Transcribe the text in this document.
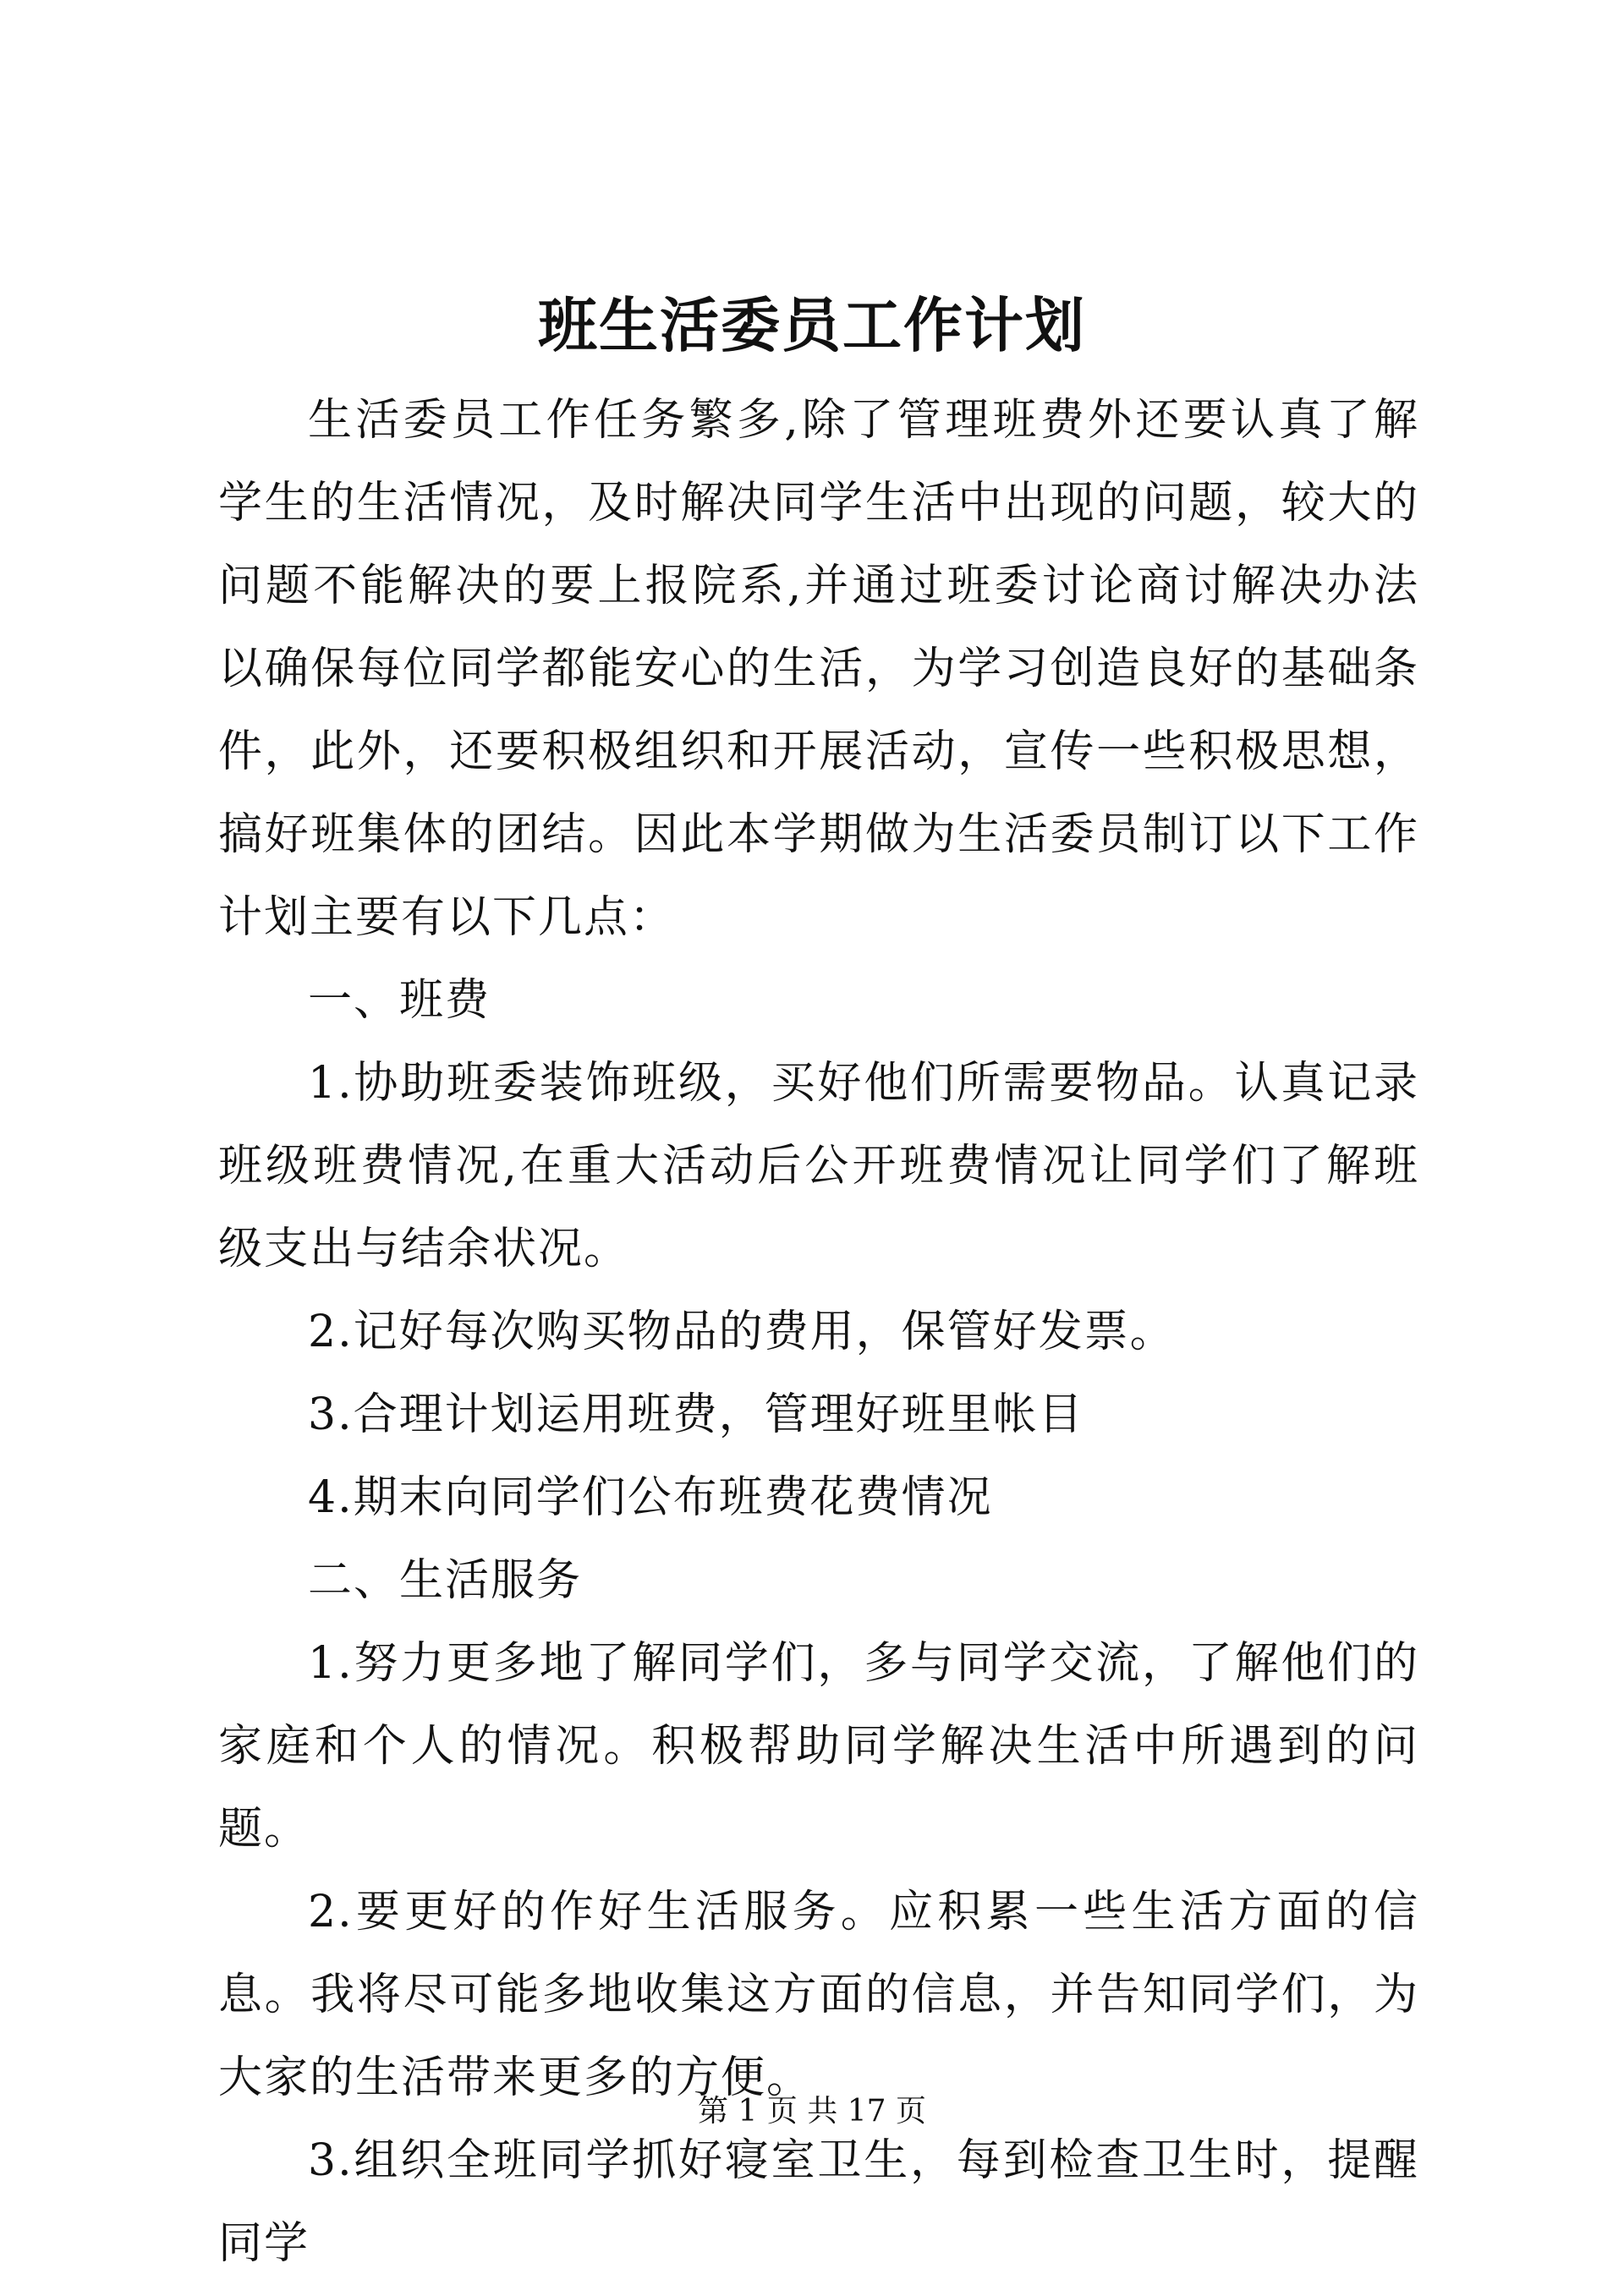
班生活委员工作计划

生活委员工作任务繁多,除了管理班费外还要认真了解学生的生活情况，及时解决同学生活中出现的问题，较大的问题不能解决的要上报院系,并通过班委讨论商讨解决办法以确保每位同学都能安心的生活，为学习创造良好的基础条件，此外，还要积极组织和开展活动，宣传一些积极思想，搞好班集体的团结。因此本学期做为生活委员制订以下工作计划主要有以下几点：

一、班费

1.协助班委装饰班级，买好他们所需要物品。认真记录班级班费情况,在重大活动后公开班费情况让同学们了解班级支出与结余状况。

2.记好每次购买物品的费用，保管好发票。

3.合理计划运用班费，管理好班里帐目

4.期末向同学们公布班费花费情况

二、生活服务

1.努力更多地了解同学们，多与同学交流，了解他们的家庭和个人的情况。积极帮助同学解决生活中所遇到的问题。

2.要更好的作好生活服务。应积累一些生活方面的信息。我将尽可能多地收集这方面的信息，并告知同学们，为大家的生活带来更多的方便。

3.组织全班同学抓好寝室卫生，每到检查卫生时，提醒同学

第 1 页 共 17 页
